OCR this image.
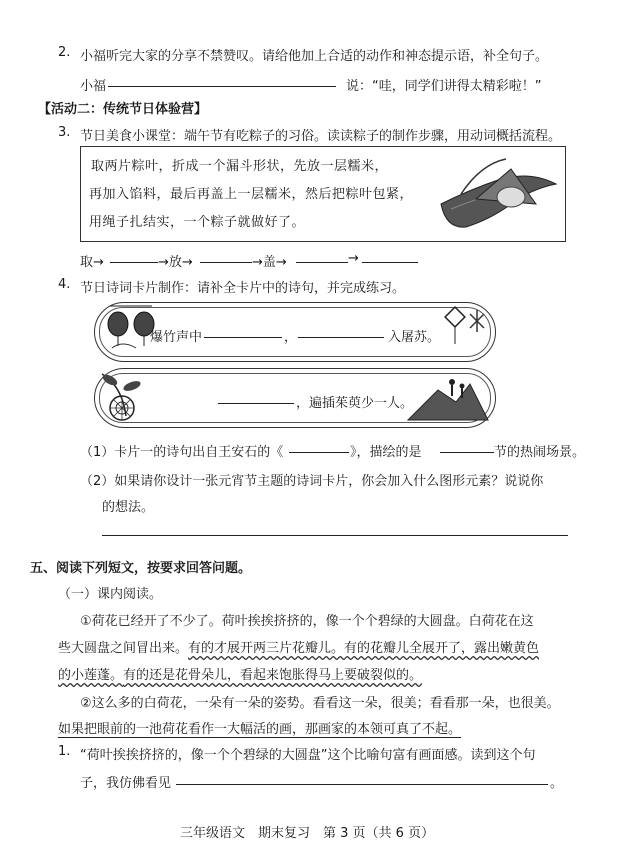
2. 小福听完大家的分享不禁赞叹。请给他加上合适的动作和神态提示语，补全句子。
小福	说：“哇，同学们讲得太精彩啦！”
【活动二：传统节日体验营】
3. 节日美食小课堂：端午节有吃粽子的习俗。读读粽子的制作步骤，用动词概括流程。
取两片粽叶，折成一个漏斗形状，先放一层糯米，
再加入馅料，最后再盖上一层糯米，然后把粽叶包紧，
用绳子扎结实，一个粽子就做好了。
取→	→放→	→盖→	→
4. 节日诗词卡片制作：请补全卡片中的诗句，并完成练习。
爆竹声中	，	入屠苏。
，遍插茱萸少一人。
（1）卡片一的诗句出自王安石的《	》，描绘的是	节的热闹场景。
（2）如果请你设计一张元宵节主题的诗词卡片，你会加入什么图形元素？说说你
的想法。
五、阅读下列短文，按要求回答问题。
（一）课内阅读。
①荷花已经开了不少了。荷叶挨挨挤挤的，像一个个碧绿的大圆盘。白荷花在这
些大圆盘之间冒出来。有的才展开两三片花瓣儿。有的花瓣儿全展开了，露出嫩黄色
的小莲蓬。有的还是花骨朵儿，看起来饱胀得马上要破裂似的。
②这么多的白荷花，一朵有一朵的姿势。看看这一朵，很美；看看那一朵，也很美。
如果把眼前的一池荷花看作一大幅活的画，那画家的本领可真了不起。
1. “荷叶挨挨挤挤的，像一个个碧绿的大圆盘”这个比喻句富有画面感。读到这个句
子，我仿佛看见	。
三年级语文　期末复习　第 3 页（共 6 页）
